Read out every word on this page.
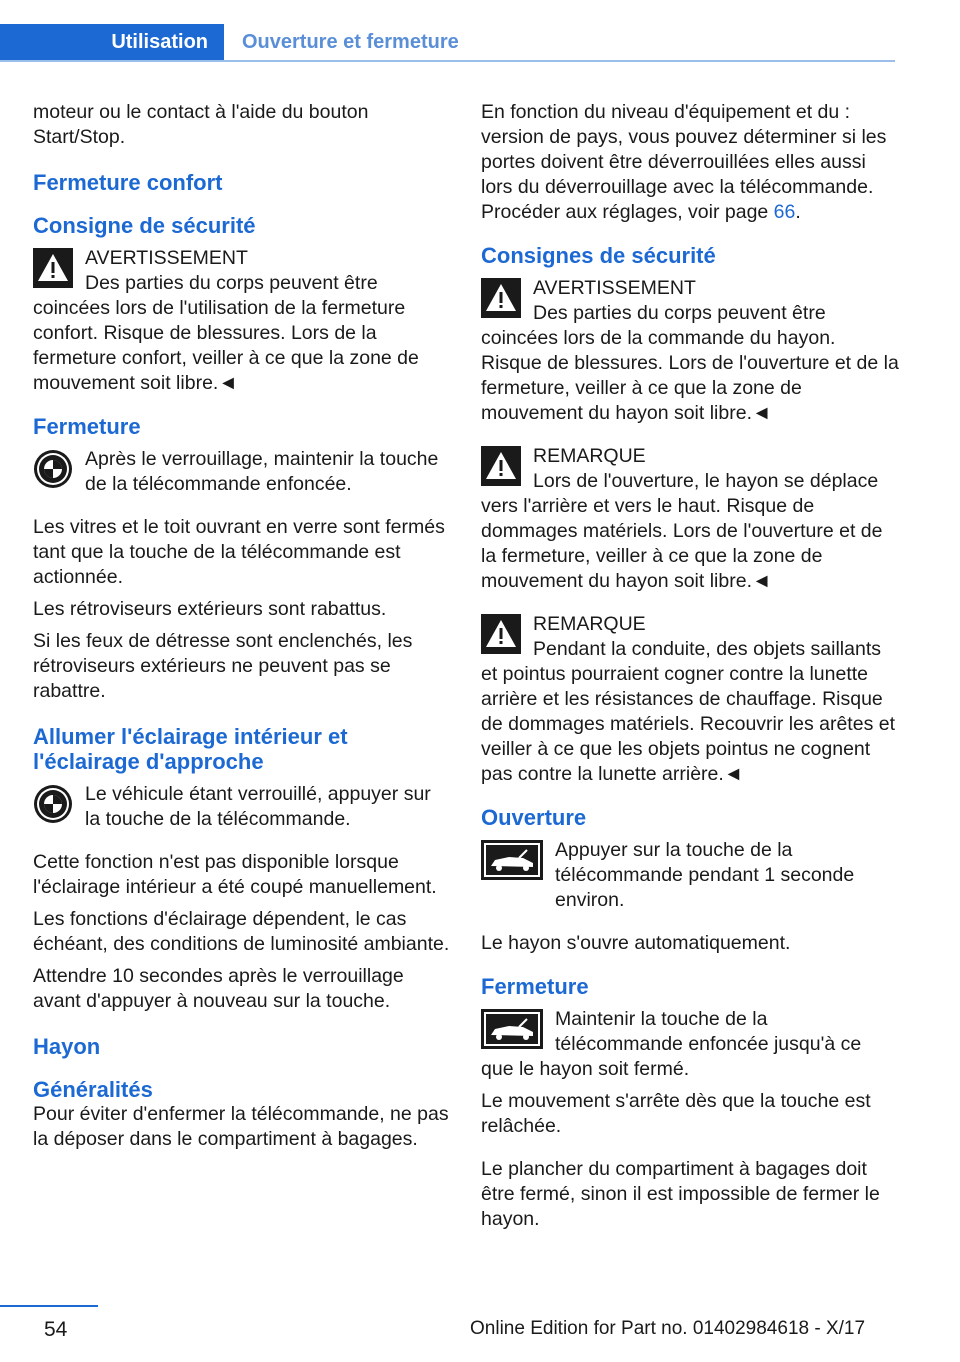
Utilisation	Ouverture et fermeture

moteur ou le contact à l'aide du bouton Start/Stop.

Fermeture confort
Consigne de sécurité
AVERTISSEMENT
Des parties du corps peuvent être coincées lors de l'utilisation de la fermeture confort. Risque de blessures. Lors de la fermeture confort, veiller à ce que la zone de mouvement soit libre.◄
Fermeture
Après le verrouillage, maintenir la touche de la télécommande enfoncée.

Les vitres et le toit ouvrant en verre sont fermés tant que la touche de la télécommande est actionnée.

Les rétroviseurs extérieurs sont rabattus.

Si les feux de détresse sont enclenchés, les rétroviseurs extérieurs ne peuvent pas se rabattre.

Allumer l'éclairage intérieur et l'éclairage d'approche
Le véhicule étant verrouillé, appuyer sur la touche de la télécommande.

Cette fonction n'est pas disponible lorsque l'éclairage intérieur a été coupé manuellement.

Les fonctions d'éclairage dépendent, le cas échéant, des conditions de luminosité ambiante.

Attendre 10 secondes après le verrouillage avant d'appuyer à nouveau sur la touche.

Hayon
Généralités

Pour éviter d'enfermer la télécommande, ne pas la déposer dans le compartiment à bagages.

En fonction du niveau d'équipement et du : version de pays, vous pouvez déterminer si les portes doivent être déverrouillées elles aussi lors du déverrouillage avec la télécommande. Procéder aux réglages, voir page 66.

Consignes de sécurité
AVERTISSEMENT
Des parties du corps peuvent être coincées lors de la commande du hayon. Risque de blessures. Lors de l'ouverture et de la fermeture, veiller à ce que la zone de mouvement du hayon soit libre.◄
REMARQUE
Lors de l'ouverture, le hayon se déplace vers l'arrière et vers le haut. Risque de dommages matériels. Lors de l'ouverture et de la fermeture, veiller à ce que la zone de mouvement du hayon soit libre.◄
REMARQUE
Pendant la conduite, des objets saillants et pointus pourraient cogner contre la lunette arrière et les résistances de chauffage. Risque de dommages matériels. Recouvrir les arêtes et veiller à ce que les objets pointus ne cognent pas contre la lunette arrière.◄
Ouverture
Appuyer sur la touche de la télécommande pendant 1 seconde environ.

Le hayon s'ouvre automatiquement.

Fermeture
Maintenir la touche de la télécommande enfoncée jusqu'à ce que le hayon soit fermé.

Le mouvement s'arrête dès que la touche est relâchée.

Le plancher du compartiment à bagages doit être fermé, sinon il est impossible de fermer le hayon.

54	Online Edition for Part no. 01402984618 - X/17
